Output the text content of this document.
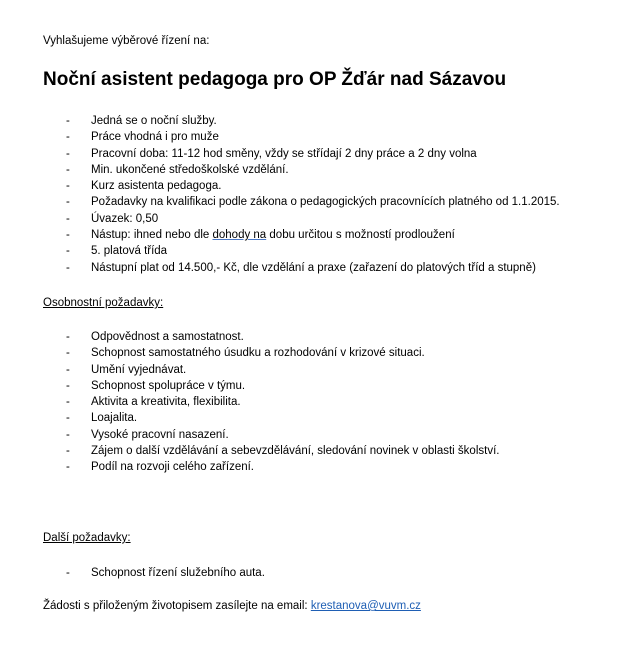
Vyhlašujeme výběrové řízení na:
Noční asistent pedagoga pro OP Žďár nad Sázavou
- Jedná se o noční služby.
- Práce vhodná i pro muže
- Pracovní doba: 11-12 hod směny, vždy se střídají 2 dny práce a 2 dny volna
- Min. ukončené středoškolské vzdělání.
- Kurz asistenta pedagoga.
- Požadavky na kvalifikaci podle zákona o pedagogických pracovnících platného od 1.1.2015.
- Úvazek: 0,50
- Nástup: ihned nebo dle dohody na dobu určitou s možností prodloužení
- 5. platová třída
- Nástupní plat od 14.500,- Kč, dle vzdělání a praxe (zařazení do platových tříd a stupně)
Osobnostní požadavky:
- Odpovědnost a samostatnost.
- Schopnost samostatného úsudku a rozhodování v krizové situaci.
- Umění vyjednávat.
- Schopnost spolupráce v týmu.
- Aktivita a kreativita, flexibilita.
- Loajalita.
- Vysoké pracovní nasazení.
- Zájem o další vzdělávání a sebevzdělávání, sledování novinek v oblasti školství.
- Podíl na rozvoji celého zařízení.
Další požadavky:
- Schopnost řízení služebního auta.
Žádosti s přiloženým životopisem zasílejte na email: krestanova@vuvm.cz
